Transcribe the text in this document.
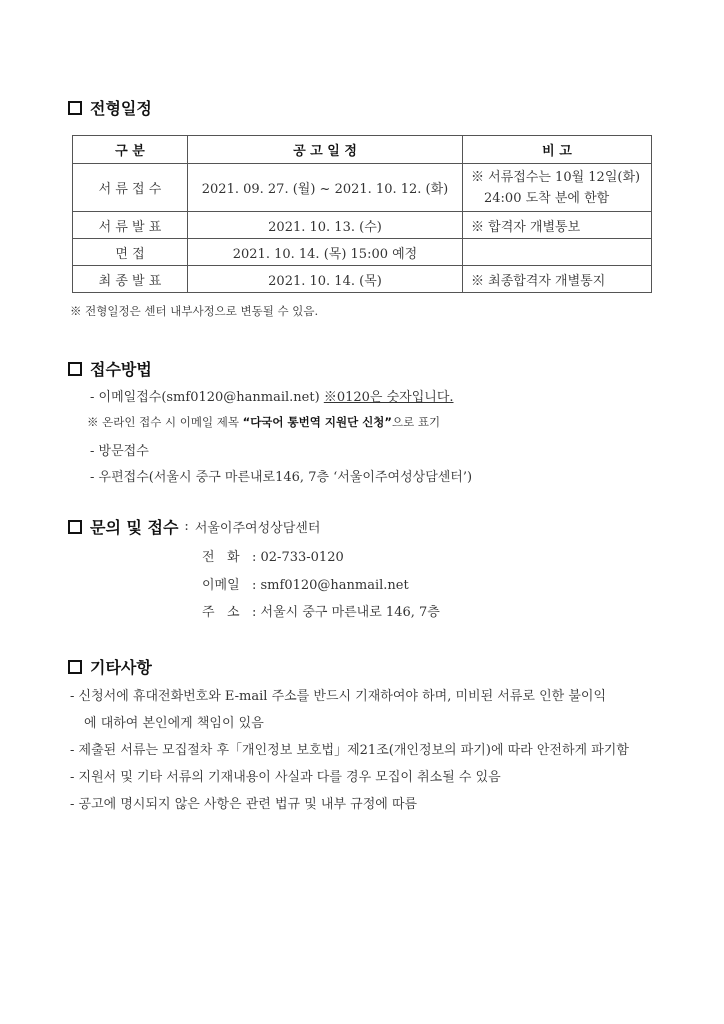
전형일정
구 분	공 고 일 정	비 고
서 류 접 수	2021. 09. 27. (월) ~ 2021. 10. 12. (화)	※ 서류접수는 10월 12일(화)
24:00 도착 분에 한함

서 류 발 표	2021. 10. 13. (수)	※ 합격자 개별통보
면 접	2021. 10. 14. (목) 15:00 예정	
최 종 발 표	2021. 10. 14. (목)	※ 최종합격자 개별통지
※ 전형일정은 센터 내부사정으로 변동될 수 있음.
접수방법
- 이메일접수(smf0120@hanmail.net) ※0120은 숫자입니다.
※ 온라인 접수 시 이메일 제목 “다국어 통번역 지원단 신청”으로 표기
- 방문접수
- 우편접수(서울시 중구 마른내로146, 7층 ‘서울이주여성상담센터’)
문의 및 접수 : 서울이주여성상담센터
전   화 : 02-733-0120
이메일 : smf0120@hanmail.net
주   소 : 서울시 중구 마른내로 146, 7층
기타사항
- 신청서에 휴대전화번호와 E-mail 주소를 반드시 기재하여야 하며, 미비된 서류로 인한 불이익
에 대하여 본인에게 책임이 있음
- 제출된 서류는 모집절차 후「개인정보 보호법」제21조(개인정보의 파기)에 따라 안전하게 파기함
- 지원서 및 기타 서류의 기재내용이 사실과 다를 경우 모집이 취소될 수 있음
- 공고에 명시되지 않은 사항은 관련 법규 및 내부 규정에 따름
